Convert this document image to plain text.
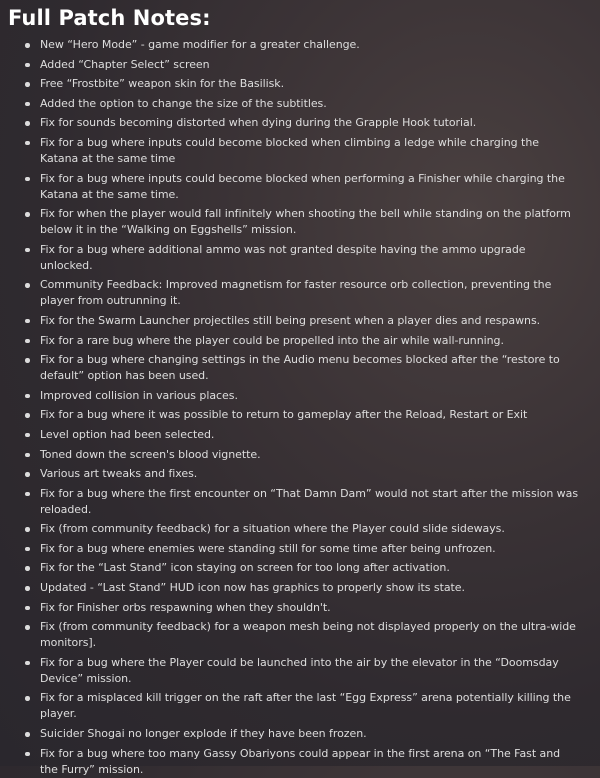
Full Patch Notes:
New “Hero Mode” - game modifier for a greater challenge.
Added “Chapter Select” screen
Free “Frostbite” weapon skin for the Basilisk.
Added the option to change the size of the subtitles.
Fix for sounds becoming distorted when dying during the Grapple Hook tutorial.
Fix for a bug where inputs could become blocked when climbing a ledge while charging the Katana at the same time
Fix for a bug where inputs could become blocked when performing a Finisher while charging the Katana at the same time.
Fix for when the player would fall infinitely when shooting the bell while standing on the platform below it in the “Walking on Eggshells” mission.
Fix for a bug where additional ammo was not granted despite having the ammo upgrade unlocked.
Community Feedback: Improved magnetism for faster resource orb collection, preventing the player from outrunning it.
Fix for the Swarm Launcher projectiles still being present when a player dies and respawns.
Fix for a rare bug where the player could be propelled into the air while wall-running.
Fix for a bug where changing settings in the Audio menu becomes blocked after the “restore to default” option has been used.
Improved collision in various places.
Fix for a bug where it was possible to return to gameplay after the Reload, Restart or Exit
Level option had been selected.
Toned down the screen's blood vignette.
Various art tweaks and fixes.
Fix for a bug where the first encounter on “That Damn Dam” would not start after the mission was reloaded.
Fix (from community feedback) for a situation where the Player could slide sideways.
Fix for a bug where enemies were standing still for some time after being unfrozen.
Fix for the “Last Stand” icon staying on screen for too long after activation.
Updated - “Last Stand” HUD icon now has graphics to properly show its state.
Fix for Finisher orbs respawning when they shouldn't.
Fix (from community feedback) for a weapon mesh being not displayed properly on the ultra-wide monitors].
Fix for a bug where the Player could be launched into the air by the elevator in the “Doomsday Device” mission.
Fix for a misplaced kill trigger on the raft after the last “Egg Express” arena potentially killing the player.
Suicider Shogai no longer explode if they have been frozen.
Fix for a bug where too many Gassy Obariyons could appear in the first arena on “The Fast and the Furry” mission.
